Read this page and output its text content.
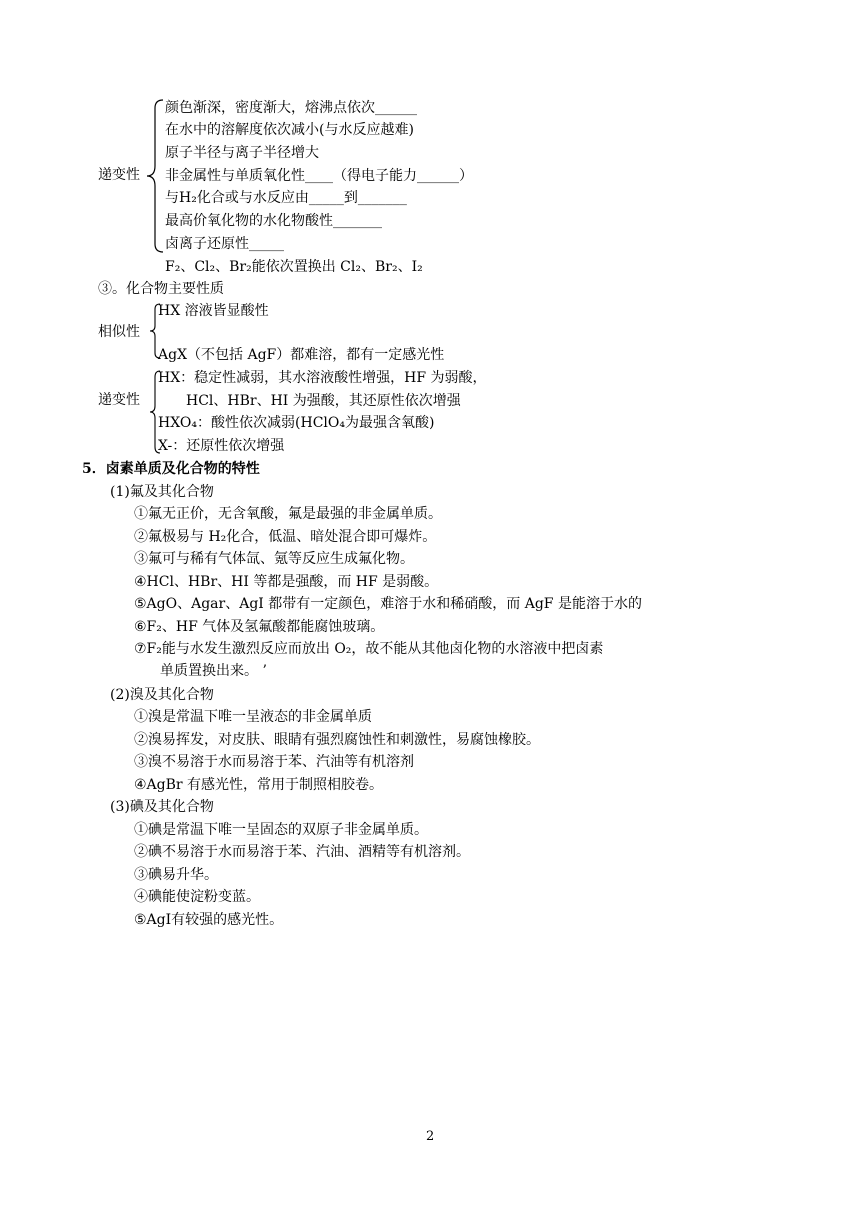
递变性
颜色渐深，密度渐大，熔沸点依次______
在水中的溶解度依次减小(与水反应越难)
原子半径与离子半径增大
非金属性与单质氧化性____（得电子能力______）
与H₂化合或与水反应由_____到_______
最高价氧化物的水化物酸性_______
卤离子还原性_____
F₂、Cl₂、Br₂能依次置换出 Cl₂、Br₂、I₂
③。化合物主要性质
相似性
HX 溶液皆显酸性
AgX（不包括 AgF）都难溶，都有一定感光性
递变性
HX：稳定性减弱，其水溶液酸性增强，HF 为弱酸，
HCl、HBr、HI 为强酸，其还原性依次增强
HXO₄：酸性依次减弱(HClO₄为最强含氧酸)
X-：还原性依次增强
5．卤素单质及化合物的特性
(1)氟及其化合物
①氟无正价，无含氧酸，氟是最强的非金属单质。
②氟极易与 H₂化合，低温、暗处混合即可爆炸。
③氟可与稀有气体氙、氪等反应生成氟化物。
④HCl、HBr、HI 等都是强酸，而 HF 是弱酸。
⑤AgO、Agar、AgI 都带有一定颜色，难溶于水和稀硝酸，而 AgF 是能溶于水的
⑥F₂、HF 气体及氢氟酸都能腐蚀玻璃。
⑦F₂能与水发生激烈反应而放出 O₂，故不能从其他卤化物的水溶液中把卤素
单质置换出来。 ’
(2)溴及其化合物
①溴是常温下唯一呈液态的非金属单质
②溴易挥发，对皮肤、眼睛有强烈腐蚀性和刺激性，易腐蚀橡胶。
③溴不易溶于水而易溶于苯、汽油等有机溶剂
④AgBr 有感光性，常用于制照相胶卷。
(3)碘及其化合物
①碘是常温下唯一呈固态的双原子非金属单质。
②碘不易溶于水而易溶于苯、汽油、酒精等有机溶剂。
③碘易升华。
④碘能使淀粉变蓝。
⑤AgI有较强的感光性。
2
